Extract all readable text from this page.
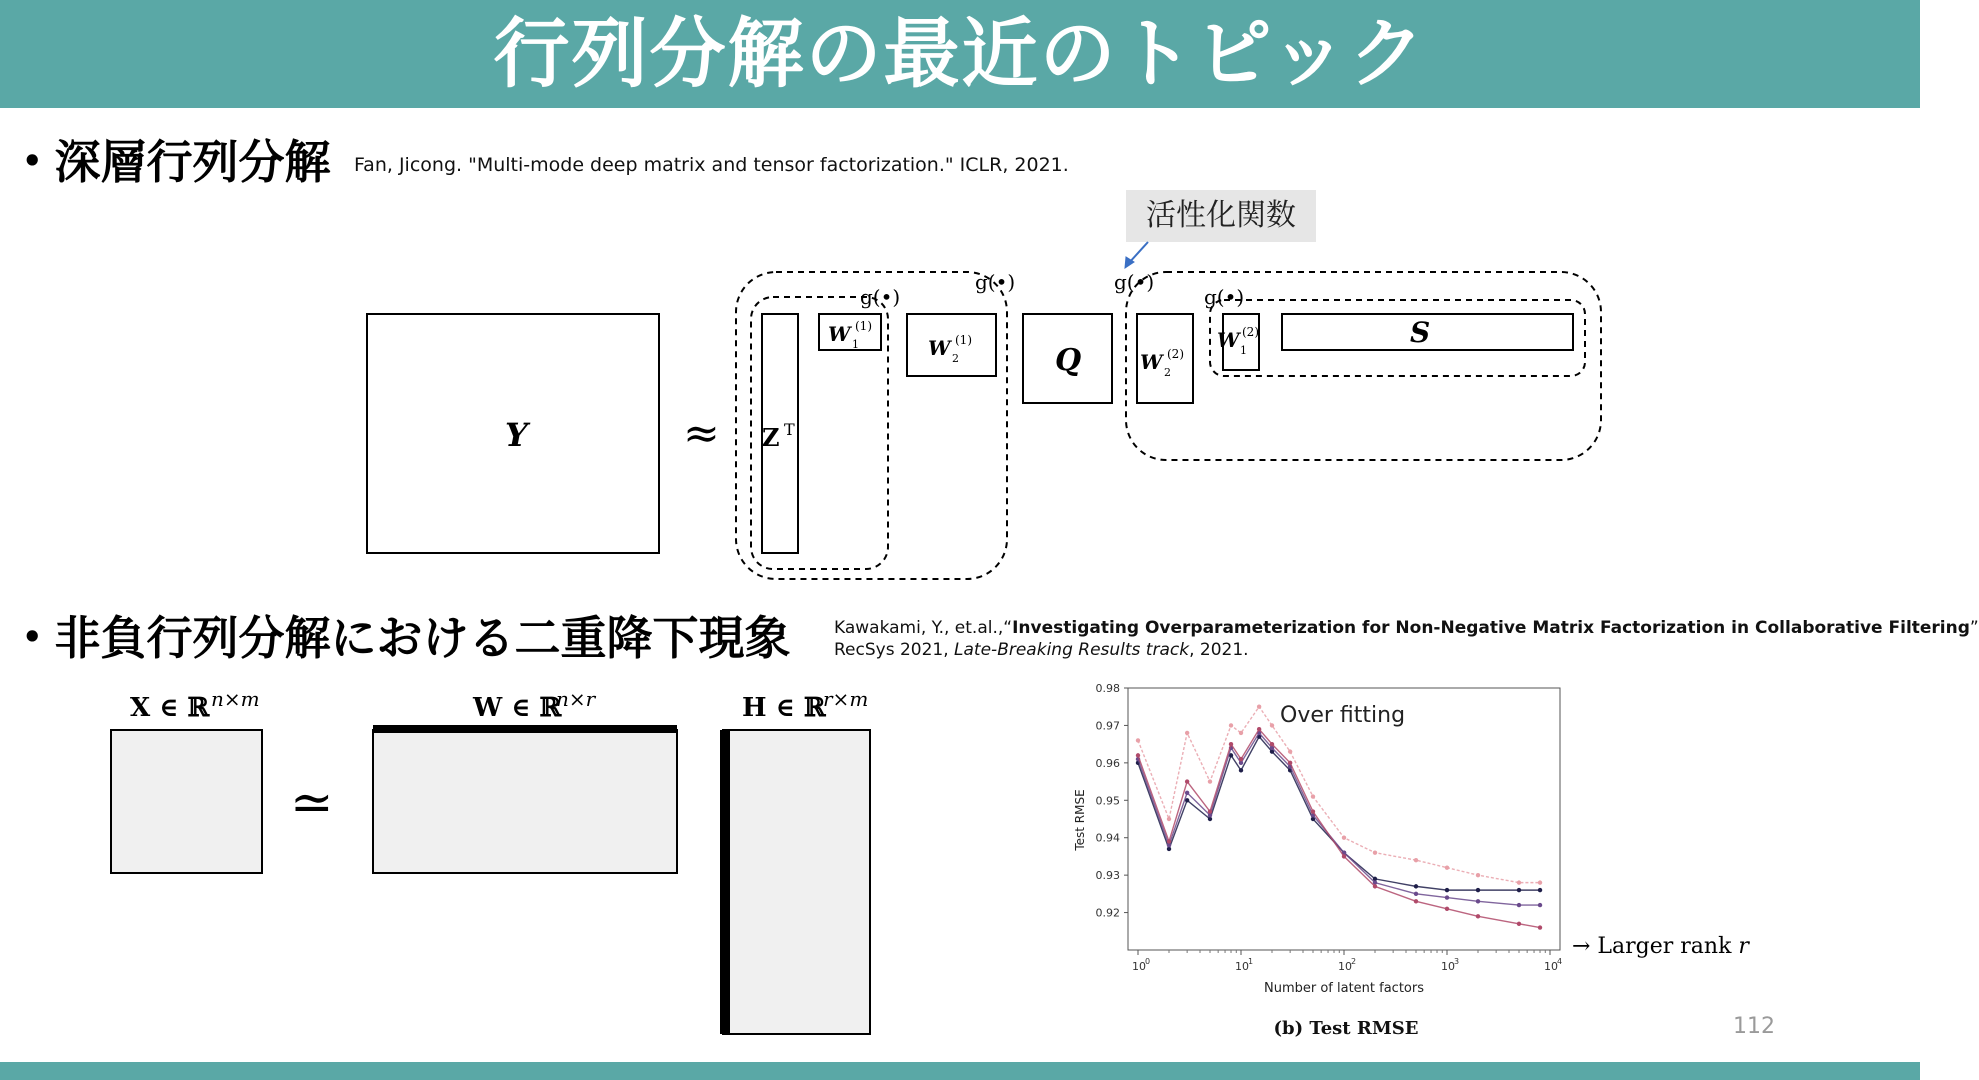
行列分解の最近のトピック
• 深層行列分解 Fan, Jicong. "Multi-mode deep matrix and tensor factorization." ICLR, 2021.
活性化関数
Y	≈ Z T
W 1
(1)
W 2
(1)
Q	W 2
(2)
W 1
(2)	S
g(•)
g(•)	g(•)
g(•)
• 非負行列分解における二重降下現象	Kawakami, Y., et.al.,“Investigating Overparameterization for Non-Negative Matrix Factorization in Collaborative Filtering”
RecSys 2021, Late-Breaking Results track, 2021.
X ∈ ℝ n×m	W ∈ ℝ
n×r	H ∈ ℝ
r×m
≃
0.92
0.93
0.94
0.95
0.96
0.97
0.98
10 0	10 1	10 2	10 3	10 4
Test RMSE
Number of latent factors
Over fitting
(b) Test RMSE
→ Larger rank r
112
